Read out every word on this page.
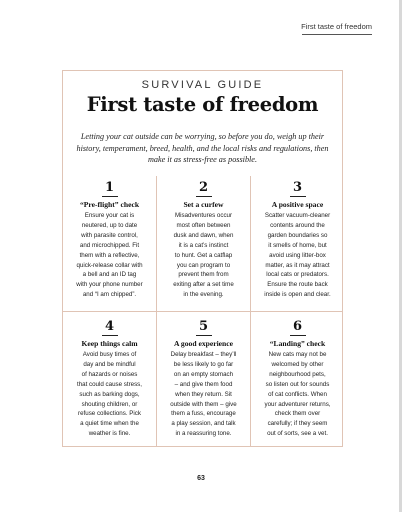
First taste of freedom
SURVIVAL GUIDE
First taste of freedom
Letting your cat outside can be worrying, so before you do, weigh up their history, temperament, breed, health, and the local risks and regulations, then make it as stress-free as possible.
1
“Pre-flight” check
Ensure your cat is
neutered, up to date
with parasite control,
and microchipped. Fit
them with a reflective,
quick-release collar with
a bell and an ID tag
with your phone number
and “I am chipped”.
2
Set a curfew
Misadventures occur
most often between
dusk and dawn, when
it is a cat’s instinct
to hunt. Get a catflap
you can program to
prevent them from
exiting after a set time
in the evening.
3
A positive space
Scatter vacuum-cleaner
contents around the
garden boundaries so
it smells of home, but
avoid using litter-box
matter, as it may attract
local cats or predators.
Ensure the route back
inside is open and clear.
4
Keep things calm
Avoid busy times of
day and be mindful
of hazards or noises
that could cause stress,
such as barking dogs,
shouting children, or
refuse collections. Pick
a quiet time when the
weather is fine.
5
A good experience
Delay breakfast – they’ll
be less likely to go far
on an empty stomach
– and give them food
when they return. Sit
outside with them – give
them a fuss, encourage
a play session, and talk
in a reassuring tone.
6
“Landing” check
New cats may not be
welcomed by other
neighbourhood pets,
so listen out for sounds
of cat conflicts. When
your adventurer returns,
check them over
carefully; if they seem
out of sorts, see a vet.
63
